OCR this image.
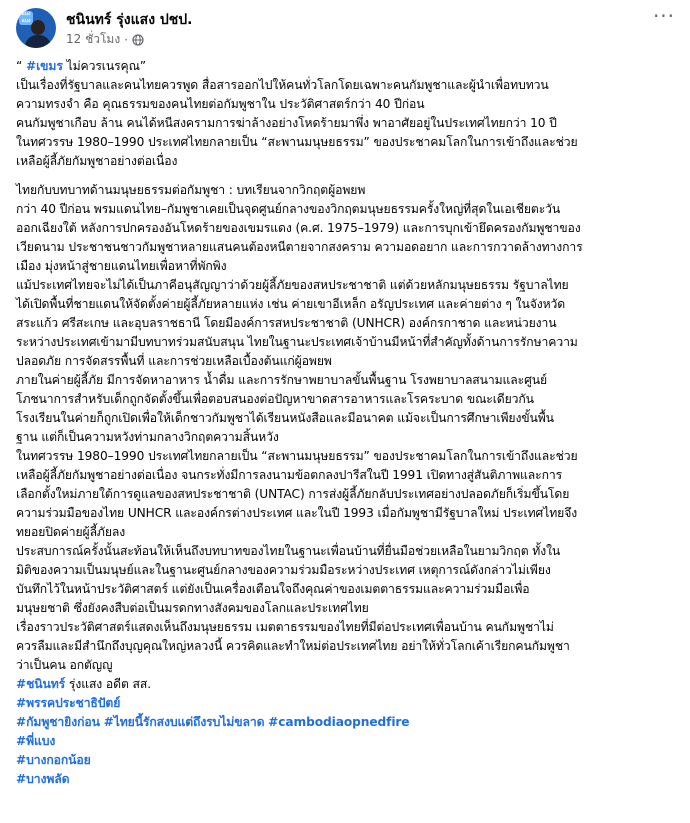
แบง แบง	ชนินทร์ รุ่งแสง ปชป.
12 ชั่วโมง ·
···
“ #เขมร ไม่ควรเนรคุณ”
เป็นเรื่องที่รัฐบาลและคนไทยควรพูด สื่อสารออกไปให้คนทั่วโลกโดยเฉพาะคนกัมพูชาและผู้นำเพื่อทบทวน
ความทรงจำ คือ คุณธรรมของคนไทยต่อกัมพูชาใน ประวัติศาสตร์กว่า 40 ปีก่อน
คนกัมพูชาเกือบ ล้าน คนได้หนีสงครามการฆ่าล้างอย่างโหดร้ายมาพึ่ง พาอาศัยอยู่ในประเทศไทยกว่า 10 ปี
ในทศวรรษ 1980–1990 ประเทศไทยกลายเป็น “สะพานมนุษยธรรม” ของประชาคมโลกในการเข้าถึงและช่วย
เหลือผู้ลี้ภัยกัมพูชาอย่างต่อเนื่อง
ไทยกับบทบาทด้านมนุษยธรรมต่อกัมพูชา : บทเรียนจากวิกฤตผู้อพยพ
กว่า 40 ปีก่อน พรมแดนไทย–กัมพูชาเคยเป็นจุดศูนย์กลางของวิกฤตมนุษยธรรมครั้งใหญ่ที่สุดในเอเชียตะวัน
ออกเฉียงใต้ หลังการปกครองอันโหดร้ายของเขมรแดง (ค.ศ. 1975–1979) และการบุกเข้ายึดครองกัมพูชาของ
เวียดนาม ประชาชนชาวกัมพูชาหลายแสนคนต้องหนีตายจากสงคราม ความอดอยาก และการกวาดล้างทางการ
เมือง มุ่งหน้าสู่ชายแดนไทยเพื่อหาที่พักพิง
แม้ประเทศไทยจะไม่ได้เป็นภาคีอนุสัญญาว่าด้วยผู้ลี้ภัยของสหประชาชาติ แต่ด้วยหลักมนุษยธรรม รัฐบาลไทย
ได้เปิดพื้นที่ชายแดนให้จัดตั้งค่ายผู้ลี้ภัยหลายแห่ง เช่น ค่ายเขาอีเหล็ก อรัญประเทศ และค่ายต่าง ๆ ในจังหวัด
สระแก้ว ศรีสะเกษ และอุบลราชธานี โดยมีองค์การสหประชาชาติ (UNHCR) องค์กรกาชาด และหน่วยงาน
ระหว่างประเทศเข้ามามีบทบาทร่วมสนับสนุน ไทยในฐานะประเทศเจ้าบ้านมีหน้าที่สำคัญทั้งด้านการรักษาความ
ปลอดภัย การจัดสรรพื้นที่ และการช่วยเหลือเบื้องต้นแก่ผู้อพยพ
ภายในค่ายผู้ลี้ภัย มีการจัดหาอาหาร น้ำดื่ม และการรักษาพยาบาลขั้นพื้นฐาน โรงพยาบาลสนามและศูนย์
โภชนาการสำหรับเด็กถูกจัดตั้งขึ้นเพื่อตอบสนองต่อปัญหาขาดสารอาหารและโรคระบาด ขณะเดียวกัน
โรงเรียนในค่ายก็ถูกเปิดเพื่อให้เด็กชาวกัมพูชาได้เรียนหนังสือและมีอนาคต แม้จะเป็นการศึกษาเพียงขั้นพื้น
ฐาน แต่ก็เป็นความหวังท่ามกลางวิกฤตความสิ้นหวัง
ในทศวรรษ 1980–1990 ประเทศไทยกลายเป็น “สะพานมนุษยธรรม” ของประชาคมโลกในการเข้าถึงและช่วย
เหลือผู้ลี้ภัยกัมพูชาอย่างต่อเนื่อง จนกระทั่งมีการลงนามข้อตกลงปารีสในปี 1991 เปิดทางสู่สันติภาพและการ
เลือกตั้งใหม่ภายใต้การดูแลของสหประชาชาติ (UNTAC) การส่งผู้ลี้ภัยกลับประเทศอย่างปลอดภัยก็เริ่มขึ้นโดย
ความร่วมมือของไทย UNHCR และองค์กรต่างประเทศ และในปี 1993 เมื่อกัมพูชามีรัฐบาลใหม่ ประเทศไทยจึง
ทยอยปิดค่ายผู้ลี้ภัยลง
ประสบการณ์ครั้งนั้นสะท้อนให้เห็นถึงบทบาทของไทยในฐานะเพื่อนบ้านที่ยื่นมือช่วยเหลือในยามวิกฤต ทั้งใน
มิติของความเป็นมนุษย์และในฐานะศูนย์กลางของความร่วมมือระหว่างประเทศ เหตุการณ์ดังกล่าวไม่เพียง
บันทึกไว้ในหน้าประวัติศาสตร์ แต่ยังเป็นเครื่องเตือนใจถึงคุณค่าของเมตตาธรรมและความร่วมมือเพื่อ
มนุษยชาติ ซึ่งยังคงสืบต่อเป็นมรดกทางสังคมของโลกและประเทศไทย
เรื่องราวประวัติศาสตร์แสดงเห็นถึงมนุษยธรรม เมตตาธรรมของไทยที่มีต่อประเทศเพื่อนบ้าน คนกัมพูชาไม่
ควรลืมและมีสำนึกถึงบุญคุณใหญ่หลวงนี้ ควรคิดและทำใหม่ต่อประเทศไทย อย่าให้ทั่วโลกเค้าเรียกคนกัมพูชา
ว่าเป็นคน อกตัญญู
#ชนินทร์ รุ่งแสง อดีต สส.
#พรรคประชาธิปัตย์
#กัมพูชายิงก่อน #ไทยนี้รักสงบแต่ถึงรบไม่ขลาด #cambodiaopnedfire
#พี่แบง
#บางกอกน้อย
#บางพลัด
